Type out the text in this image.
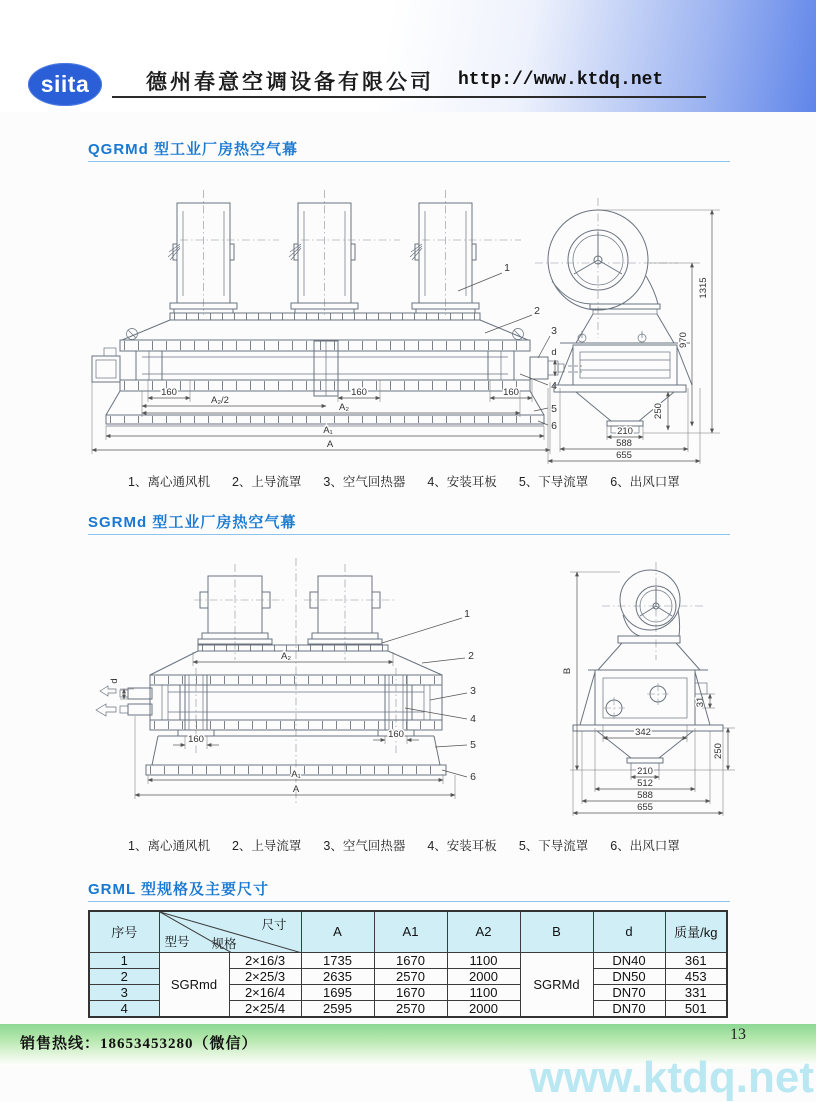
siita	德州春意空调设备有限公司 http://www.ktdq.net
QGRMd 型工业厂房热空气幕
d
160	160	160
A₂/2
A₂
A₁
A
1
2
3
4
5
6
1315
970
250
210
588
655
1、离心通风机 2、上导流罩 3、空气回热器 4、安装耳板 5、下导流罩 6、出风口罩
SGRMd 型工业厂房热空气幕
A₂
d
160	160
A₁
A
1
2
3
4
5
6
31
B
342
250
210
512
588
655
1、离心通风机 2、上导流罩 3、空气回热器 4、安装耳板 5、下导流罩 6、出风口罩
GRML 型规格及主要尺寸
序号	尺寸
型号 规格		A	A1	A2	B	d	质量/kg
1	SGRmd	2×16/3	1735	1670	1100	SGRMd	DN40	361
2		2×25/3	2635	2570	2000		DN50	453
3		2×16/4	1695	1670	1100		DN70	331
4		2×25/4	2595	2570	2000		DN70	501
销售热线：18653453280（微信）
13
www.ktdq.net
